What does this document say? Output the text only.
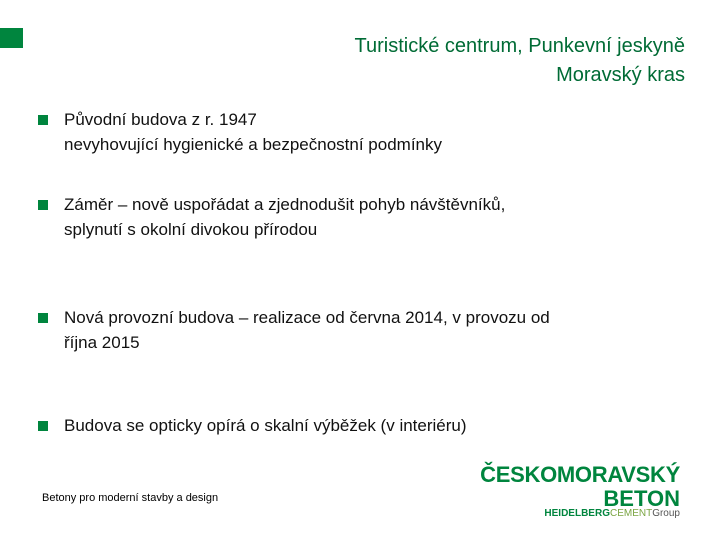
Turistické centrum, Punkevní jeskyně
Moravský kras
Původní budova z r. 1947
nevyhovující hygienické a bezpečnostní podmínky
Záměr – nově uspořádat a zjednodušit pohyb návštěvníků,
splynutí s okolní divokou přírodou
Nová provozní budova – realizace od června 2014, v provozu od
října 2015
Budova se opticky opírá o skalní výběžek (v interiéru)
Betony pro moderní stavby a design
ČESKOMORAVSKÝ
BETON
HEIDELBERGCEMENTGroup
